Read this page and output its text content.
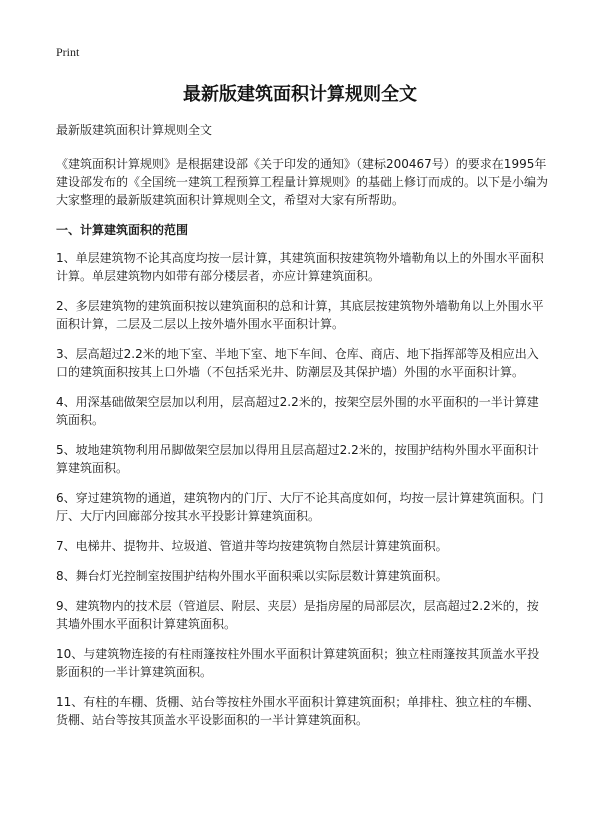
Print
最新版建筑面积计算规则全文

最新版建筑面积计算规则全文

《建筑面积计算规则》是根据建设部《关于印发的通知》（建标200467号）的要求在1995年建设部发布的《全国统一建筑工程预算工程量计算规则》的基础上修订而成的。以下是小编为大家整理的最新版建筑面积计算规则全文，希望对大家有所帮助。

一、计算建筑面积的范围

1、单层建筑物不论其高度均按一层计算，其建筑面积按建筑物外墙勒角以上的外围水平面积计算。单层建筑物内如带有部分楼层者，亦应计算建筑面积。

2、多层建筑物的建筑面积按以建筑面积的总和计算，其底层按建筑物外墙勒角以上外围水平面积计算，二层及二层以上按外墙外围水平面积计算。

3、层高超过2.2米的地下室、半地下室、地下车间、仓库、商店、地下指挥部等及相应出入口的建筑面积按其上口外墙（不包括采光井、防潮层及其保护墙）外围的水平面积计算。

4、用深基础做架空层加以利用，层高超过2.2米的，按架空层外围的水平面积的一半计算建筑面积。

5、坡地建筑物利用吊脚做架空层加以得用且层高超过2.2米的，按围护结构外围水平面积计算建筑面积。

6、穿过建筑物的通道，建筑物内的门厅、大厅不论其高度如何，均按一层计算建筑面积。门厅、大厅内回廊部分按其水平投影计算建筑面积。

7、电梯井、提物井、垃圾道、管道井等均按建筑物自然层计算建筑面积。

8、舞台灯光控制室按围护结构外围水平面积乘以实际层数计算建筑面积。

9、建筑物内的技术层（管道层、附层、夹层）是指房屋的局部层次，层高超过2.2米的，按其墙外围水平面积计算建筑面积。

10、与建筑物连接的有柱雨篷按柱外围水平面积计算建筑面积；独立柱雨篷按其顶盖水平投影面积的一半计算建筑面积。

11、有柱的车棚、货棚、站台等按柱外围水平面积计算建筑面积；单排柱、独立柱的车棚、货棚、站台等按其顶盖水平设影面积的一半计算建筑面积。
